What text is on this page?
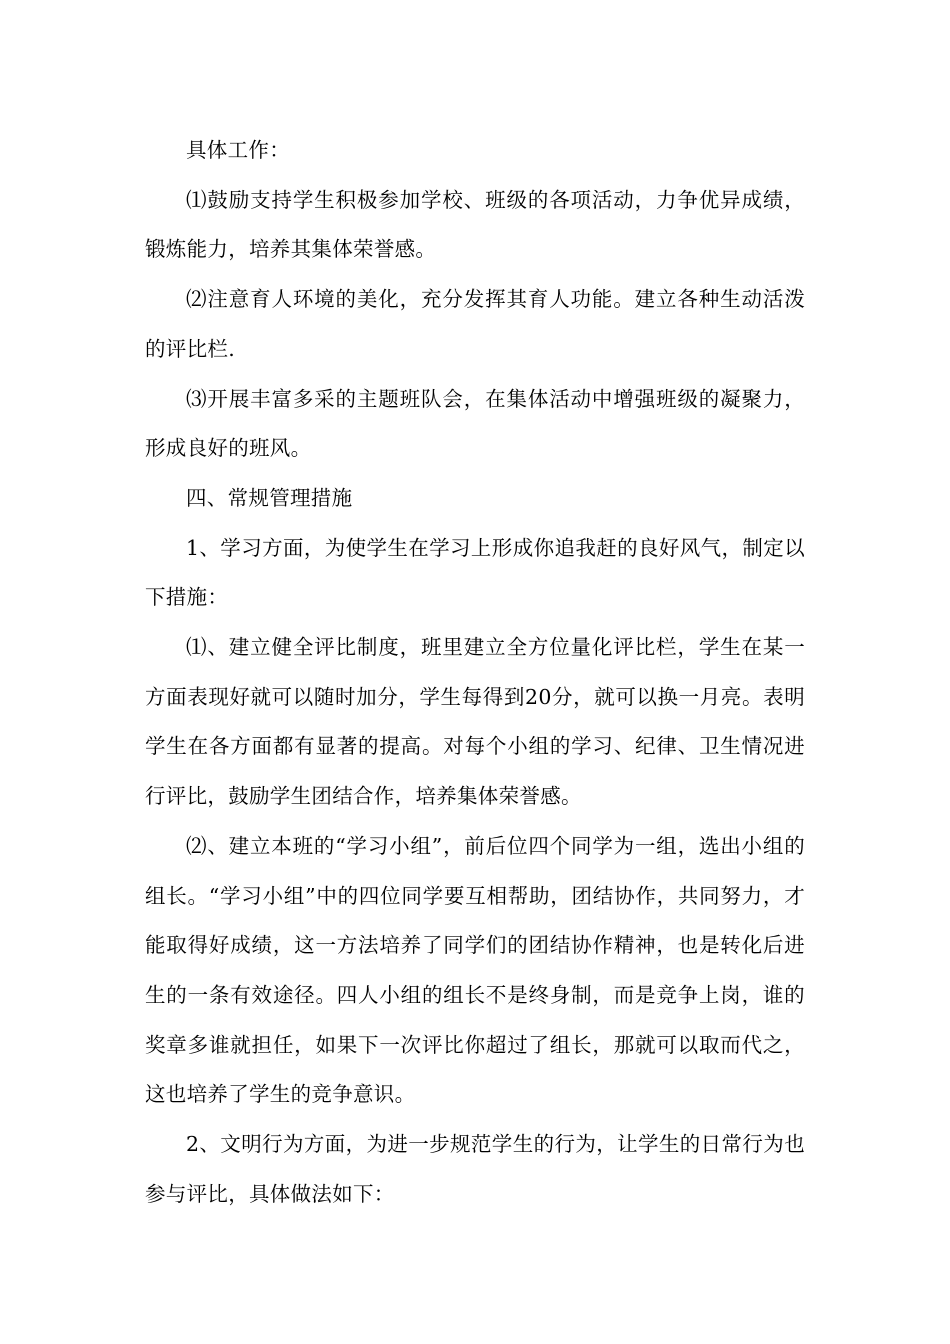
具体工作：

⑴鼓励支持学生积极参加学校、班级的各项活动，力争优异成绩，锻炼能力，培养其集体荣誉感。

⑵注意育人环境的美化，充分发挥其育人功能。建立各种生动活泼的评比栏.

⑶开展丰富多采的主题班队会，在集体活动中增强班级的凝聚力，形成良好的班风。

四、常规管理措施

1、学习方面，为使学生在学习上形成你追我赶的良好风气，制定以下措施：

⑴、建立健全评比制度，班里建立全方位量化评比栏，学生在某一方面表现好就可以随时加分，学生每得到20分，就可以换一月亮。表明学生在各方面都有显著的提高。对每个小组的学习、纪律、卫生情况进行评比，鼓励学生团结合作，培养集体荣誉感。

⑵、建立本班的“学习小组”，前后位四个同学为一组，选出小组的组长。“学习小组”中的四位同学要互相帮助，团结协作，共同努力，才能取得好成绩，这一方法培养了同学们的团结协作精神，也是转化后进生的一条有效途径。四人小组的组长不是终身制，而是竞争上岗，谁的奖章多谁就担任，如果下一次评比你超过了组长，那就可以取而代之，这也培养了学生的竞争意识。

2、文明行为方面，为进一步规范学生的行为，让学生的日常行为也参与评比，具体做法如下：
